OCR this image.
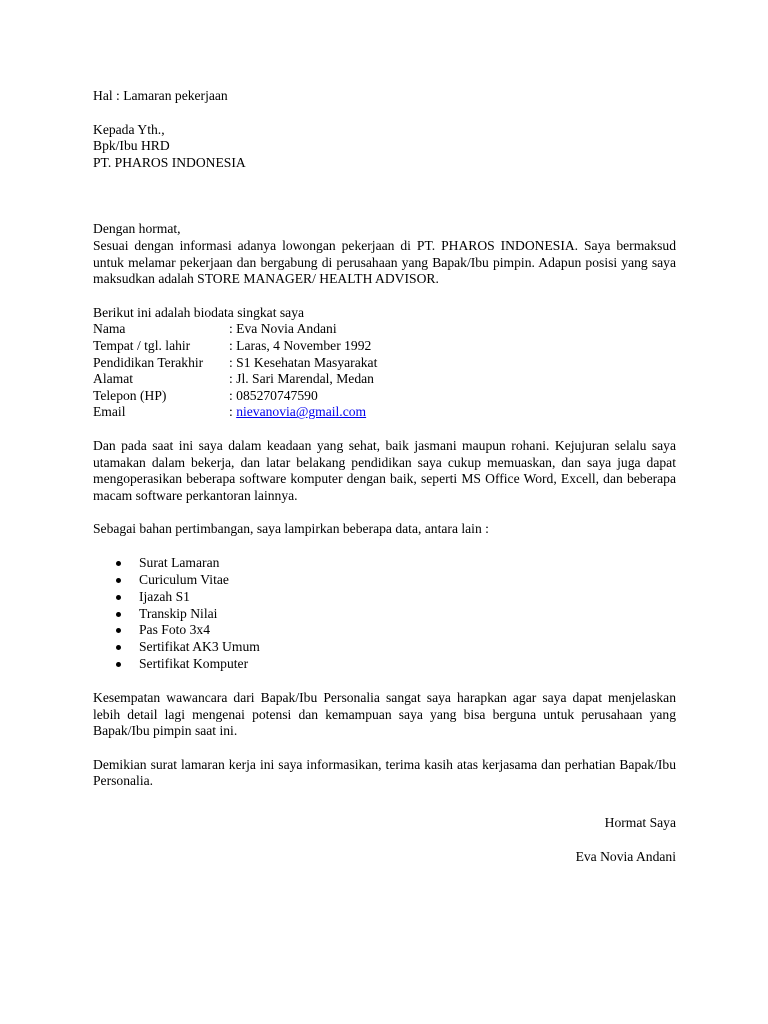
Hal : Lamaran pekerjaan

Kepada Yth.,

Bpk/Ibu HRD

PT. PHAROS INDONESIA

Dengan hormat,

Sesuai dengan informasi adanya lowongan pekerjaan di PT. PHAROS INDONESIA. Saya bermaksud untuk melamar pekerjaan dan bergabung di perusahaan yang Bapak/Ibu pimpin. Adapun posisi yang saya maksudkan adalah STORE MANAGER/ HEALTH ADVISOR.

Berikut ini adalah biodata singkat saya

Nama	: Eva Novia Andani
Tempat / tgl. lahir	: Laras, 4 November 1992
Pendidikan Terakhir	: S1 Kesehatan Masyarakat
Alamat	: Jl. Sari Marendal, Medan
Telepon (HP)	: 085270747590
Email	: nievanovia@gmail.com

Dan pada saat ini saya dalam keadaan yang sehat, baik jasmani maupun rohani. Kejujuran selalu saya utamakan dalam bekerja, dan latar belakang pendidikan saya cukup memuaskan, dan saya juga dapat mengoperasikan beberapa software komputer dengan baik, seperti MS Office Word, Excell, dan beberapa macam software perkantoran lainnya.

Sebagai bahan pertimbangan, saya lampirkan beberapa data, antara lain :

Surat Lamaran
Curiculum Vitae
Ijazah S1
Transkip Nilai
Pas Foto 3x4
Sertifikat AK3 Umum
Sertifikat Komputer

Kesempatan wawancara dari Bapak/Ibu Personalia sangat saya harapkan agar saya dapat menjelaskan lebih detail lagi mengenai potensi dan kemampuan saya yang bisa berguna untuk perusahaan yang Bapak/Ibu pimpin saat ini.

Demikian surat lamaran kerja ini saya informasikan, terima kasih atas kerjasama dan perhatian Bapak/Ibu Personalia.

Hormat Saya

Eva Novia Andani
